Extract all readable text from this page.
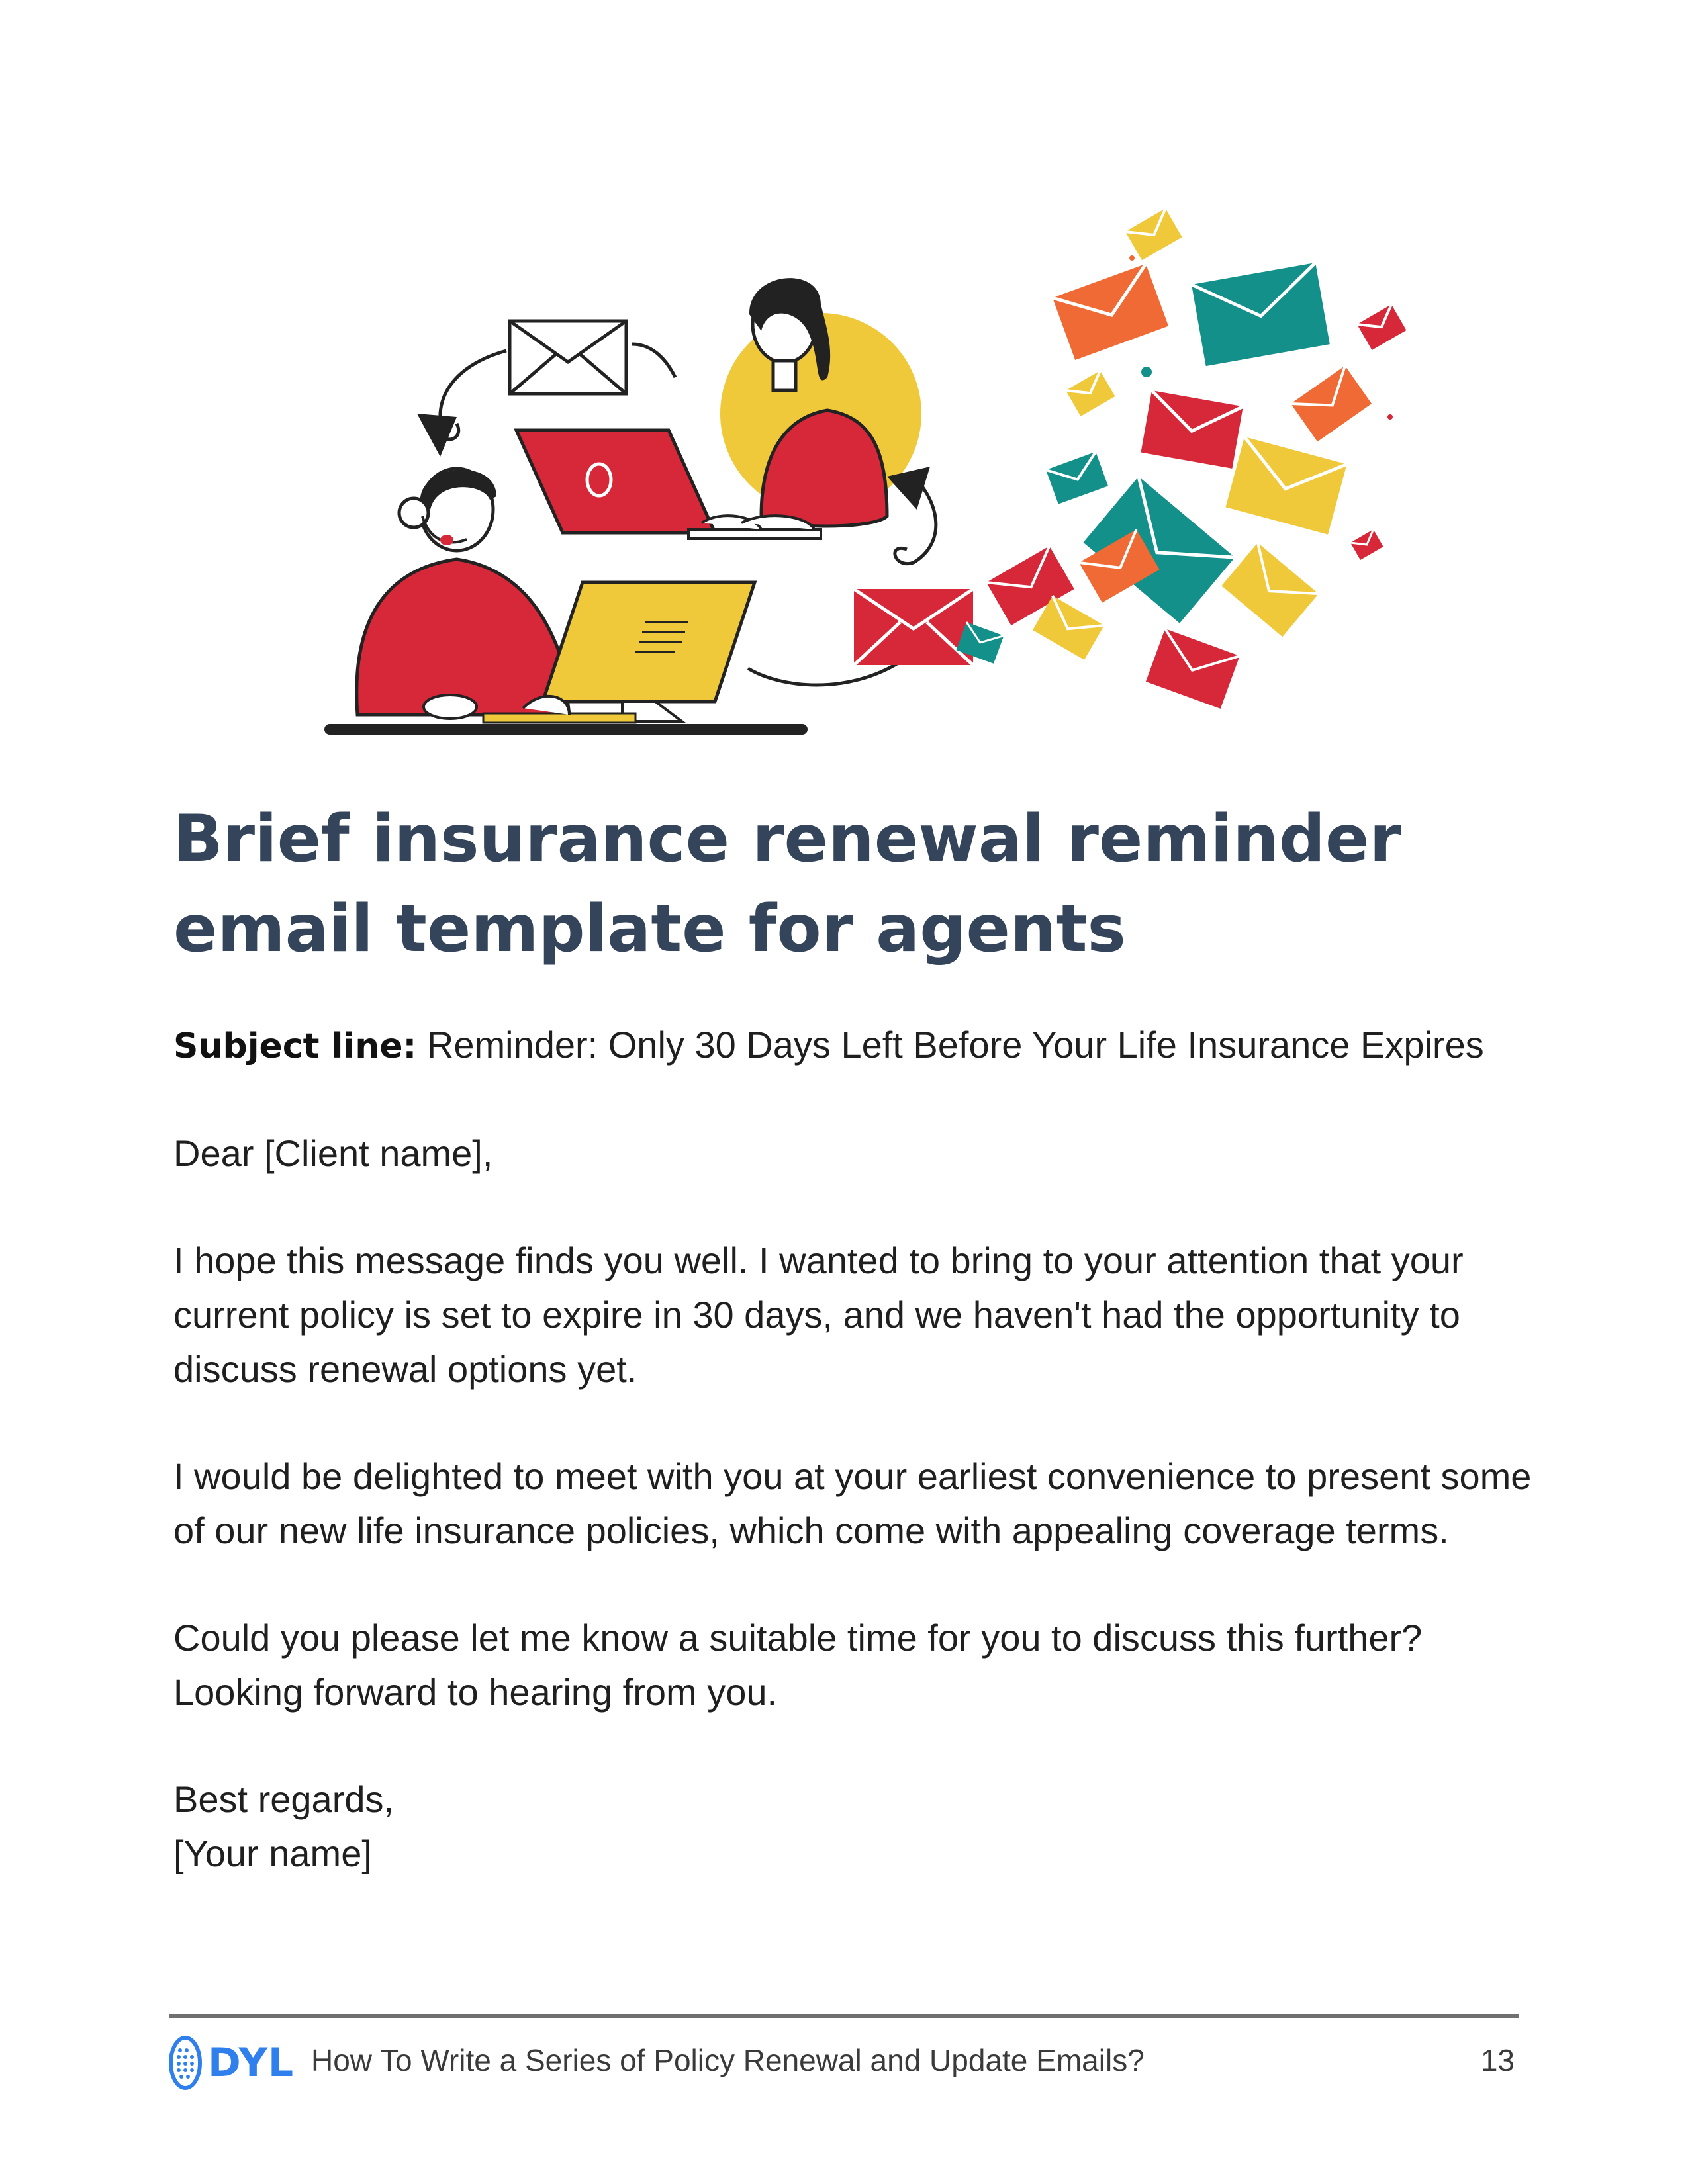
Brief insurance renewal reminder email template for agents

Subject line: Reminder: Only 30 Days Left Before Your Life Insurance Expires

Dear [Client name],

I hope this message finds you well. I wanted to bring to your attention that your current policy is set to expire in 30 days, and we haven't had the opportunity to discuss renewal options yet.

I would be delighted to meet with you at your earliest convenience to present some of our new life insurance policies, which come with appealing coverage terms.

Could you please let me know a suitable time for you to discuss this further? Looking forward to hearing from you.

Best regards,

[Your name]

DYL How To Write a Series of Policy Renewal and Update Emails?	13
